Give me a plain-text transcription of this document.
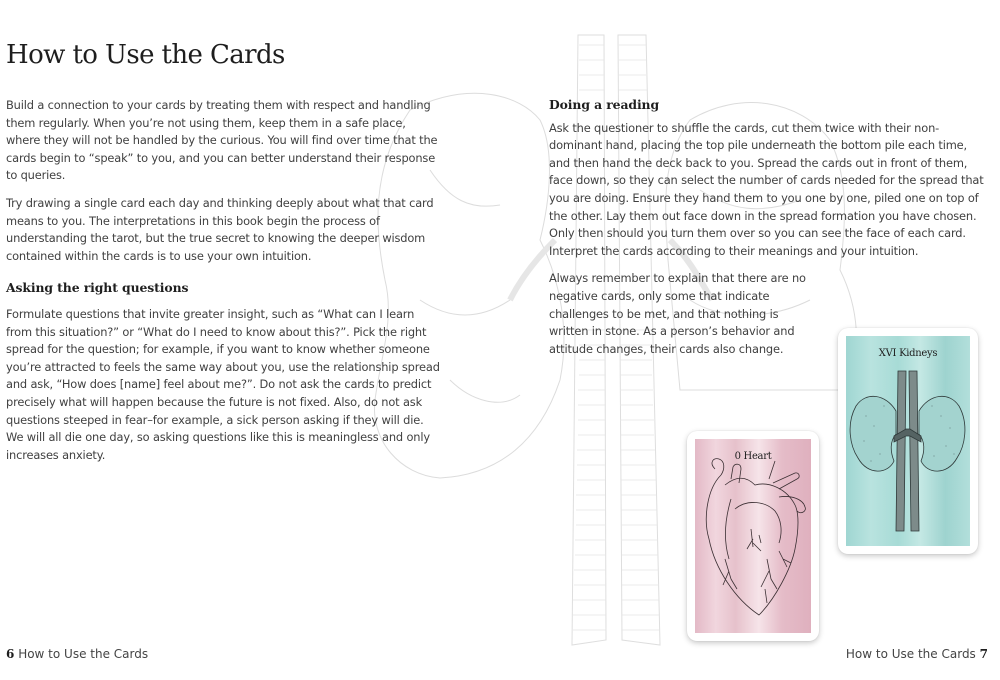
How to Use the Cards

Build a connection to your cards by treating them with respect and handling them regularly. When you’re not using them, keep them in a safe place, where they will not be handled by the curious. You will find over time that the cards begin to “speak” to you, and you can better understand their response to queries.

Try drawing a single card each day and thinking deeply about what that card means to you. The interpretations in this book begin the process of understanding the tarot, but the true secret to knowing the deeper wisdom contained within the cards is to use your own intuition.

Asking the right questions

Formulate questions that invite greater insight, such as “What can I learn from this situation?” or “What do I need to know about this?”. Pick the right spread for the question; for example, if you want to know whether someone you’re attracted to feels the same way about you, use the relationship spread and ask, “How does [name] feel about me?”. Do not ask the cards to predict precisely what will happen because the future is not fixed. Also, do not ask questions steeped in fear–for example, a sick person asking if they will die. We will all die one day, so asking questions like this is meaningless and only increases anxiety.

6 How to Use the Cards
Doing a reading

Ask the questioner to shuffle the cards, cut them twice with their non-dominant hand, placing the top pile underneath the bottom pile each time, and then hand the deck back to you. Spread the cards out in front of them, face down, so they can select the number of cards needed for the spread that you are doing. Ensure they hand them to you one by one, piled one on top of the other. Lay them out face down in the spread formation you have chosen. Only then should you turn them over so you can see the face of each card. Interpret the cards according to their meanings and your intuition.

Always remember to explain that there are no negative cards, only some that indicate challenges to be met, and that nothing is written in stone. As a person’s behavior and attitude changes, their cards also change.	XVI Kidneys
0 Heart
How to Use the Cards 7
